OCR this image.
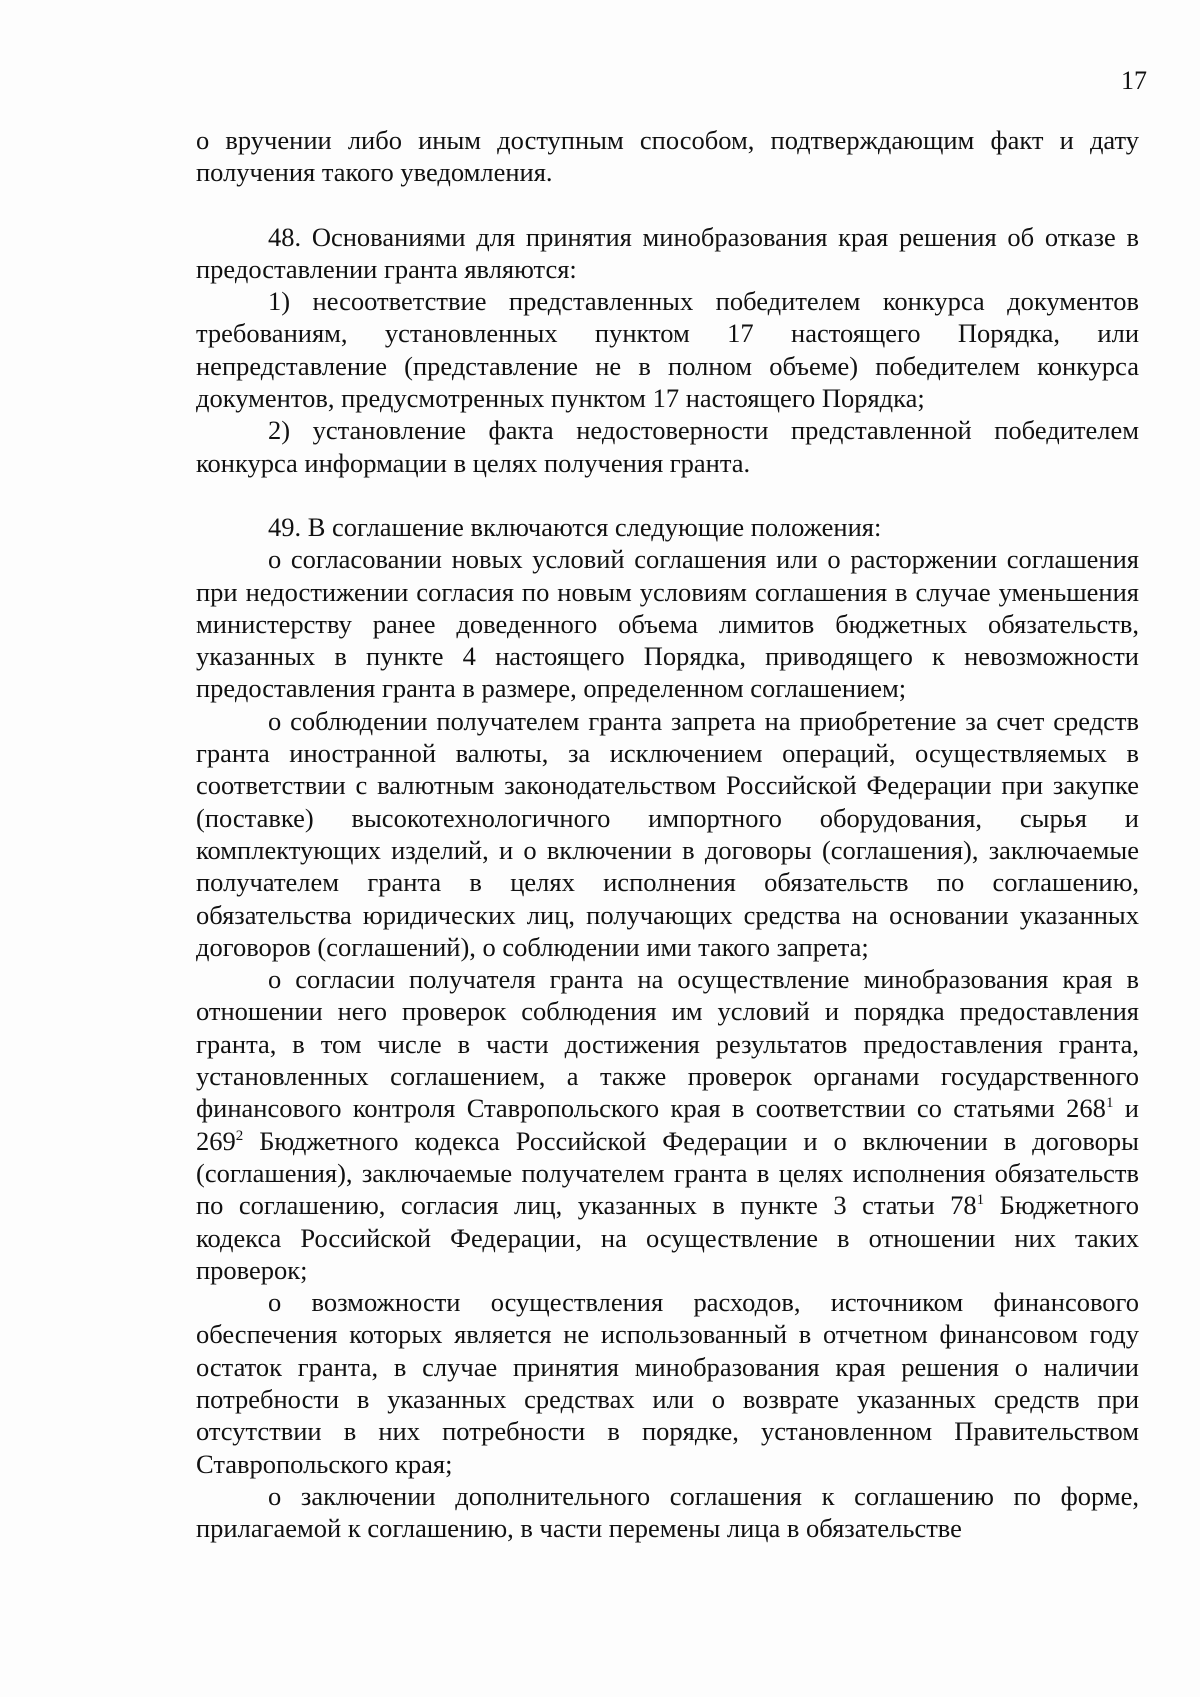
17

о вручении либо иным доступным способом, подтверждающим факт и дату получения такого уведомления.

48. Основаниями для принятия минобразования края решения об отказе в предоставлении гранта являются:

1) несоответствие представленных победителем конкурса документов требованиям, установленных пунктом 17 настоящего Порядка, или непредставление (представление не в полном объеме) победителем конкурса документов, предусмотренных пунктом 17 настоящего Порядка;

2) установление факта недостоверности представленной победителем конкурса информации в целях получения гранта.

49. В соглашение включаются следующие положения:

о согласовании новых условий соглашения или о расторжении соглашения при недостижении согласия по новым условиям соглашения в случае уменьшения министерству ранее доведенного объема лимитов бюджетных обязательств, указанных в пункте 4 настоящего Порядка, приводящего к невозможности предоставления гранта в размере, определенном соглашением;

о соблюдении получателем гранта запрета на приобретение за счет средств гранта иностранной валюты, за исключением операций, осуществляемых в соответствии с валютным законодательством Российской Федерации при закупке (поставке) высокотехнологичного импортного оборудования, сырья и комплектующих изделий, и о включении в договоры (соглашения), заключаемые получателем гранта в целях исполнения обязательств по соглашению, обязательства юридических лиц, получающих средства на основании указанных договоров (соглашений), о соблюдении ими такого запрета;

о согласии получателя гранта на осуществление минобразования края в отношении него проверок соблюдения им условий и порядка предоставления гранта, в том числе в части достижения результатов предоставления гранта, установленных соглашением, а также проверок органами государственного финансового контроля Ставропольского края в соответствии со статьями $268^1$ и $269^2$ Бюджетного кодекса Российской Федерации и о включении в договоры (соглашения), заключаемые получателем гранта в целях исполнения обязательств по соглашению, согласия лиц, указанных в пункте 3 статьи $78^1$ Бюджетного кодекса Российской Федерации, на осуществление в отношении них таких проверок;

о возможности осуществления расходов, источником финансового обеспечения которых является не использованный в отчетном финансовом году остаток гранта, в случае принятия минобразования края решения о наличии потребности в указанных средствах или о возврате указанных средств при отсутствии в них потребности в порядке, установленном Правительством Ставропольского края;

о заключении дополнительного соглашения к соглашению по форме, прилагаемой к соглашению, в части перемены лица в обязательстве
